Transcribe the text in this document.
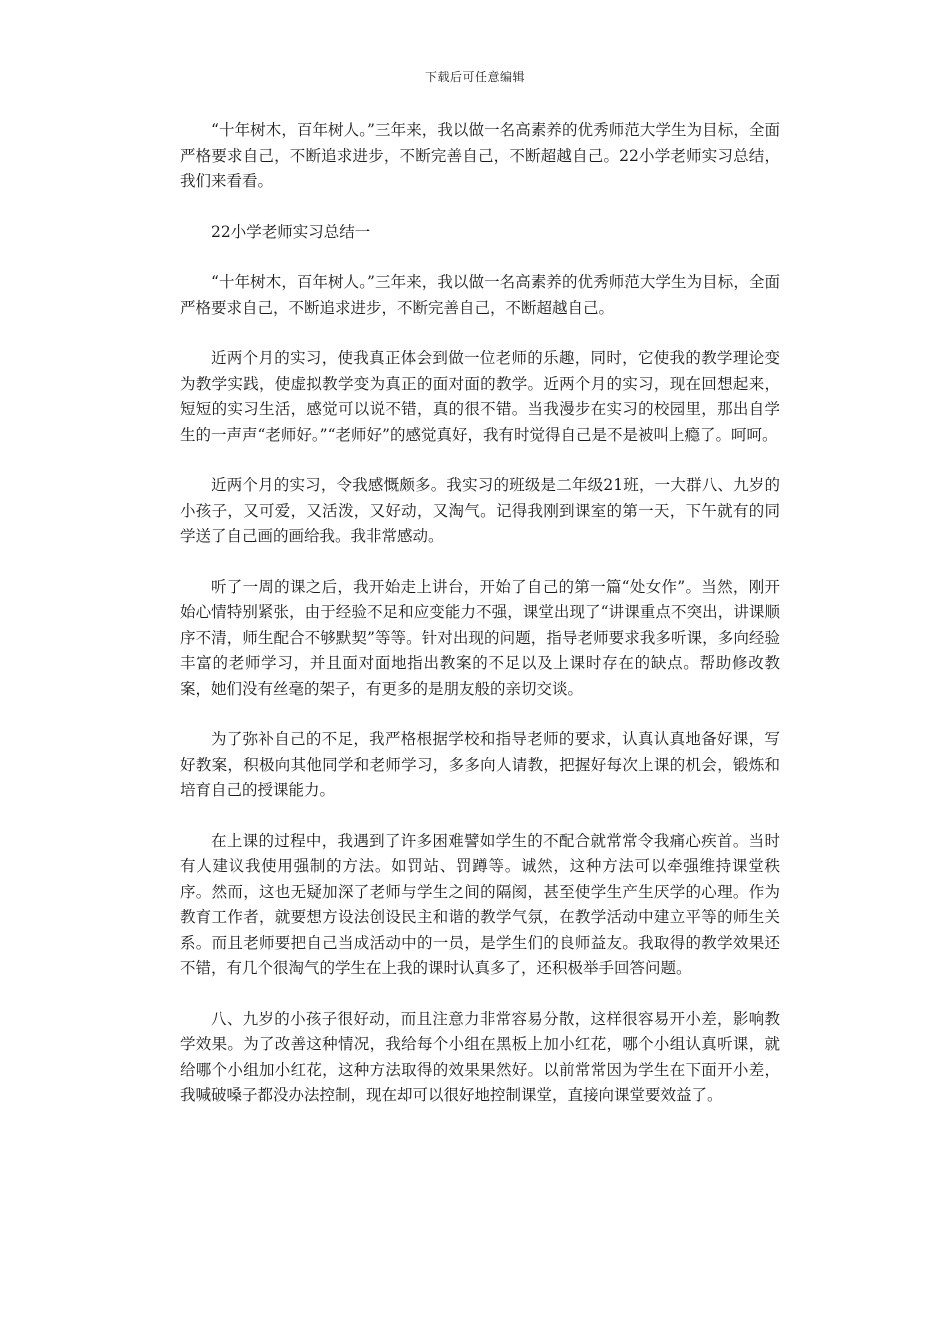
下载后可任意编辑

“十年树木，百年树人。”三年来，我以做一名高素养的优秀师范大学生为目标，全面严格要求自己，不断追求进步，不断完善自己，不断超越自己。22小学老师实习总结，我们来看看。

22小学老师实习总结一

“十年树木，百年树人。”三年来，我以做一名高素养的优秀师范大学生为目标，全面严格要求自己，不断追求进步，不断完善自己，不断超越自己。

近两个月的实习，使我真正体会到做一位老师的乐趣，同时，它使我的教学理论变为教学实践，使虚拟教学变为真正的面对面的教学。近两个月的实习，现在回想起来，短短的实习生活，感觉可以说不错，真的很不错。当我漫步在实习的校园里，那出自学生的一声声“老师好。”“老师好”的感觉真好，我有时觉得自己是不是被叫上瘾了。呵呵。

近两个月的实习，令我感慨颇多。我实习的班级是二年级21班，一大群八、九岁的小孩子，又可爱，又活泼，又好动，又淘气。记得我刚到课室的第一天，下午就有的同学送了自己画的画给我。我非常感动。

听了一周的课之后，我开始走上讲台，开始了自己的第一篇“处女作”。当然，刚开始心情特别紧张，由于经验不足和应变能力不强，课堂出现了“讲课重点不突出，讲课顺序不清，师生配合不够默契”等等。针对出现的问题，指导老师要求我多听课，多向经验丰富的老师学习，并且面对面地指出教案的不足以及上课时存在的缺点。帮助修改教案，她们没有丝毫的架子，有更多的是朋友般的亲切交谈。

为了弥补自己的不足，我严格根据学校和指导老师的要求，认真认真地备好课，写好教案，积极向其他同学和老师学习，多多向人请教，把握好每次上课的机会，锻炼和培育自己的授课能力。

在上课的过程中，我遇到了许多困难譬如学生的不配合就常常令我痛心疾首。当时有人建议我使用强制的方法。如罚站、罚蹲等。诚然，这种方法可以牵强维持课堂秩序。然而，这也无疑加深了老师与学生之间的隔阂，甚至使学生产生厌学的心理。作为教育工作者，就要想方设法创设民主和谐的教学气氛，在教学活动中建立平等的师生关系。而且老师要把自己当成活动中的一员，是学生们的良师益友。我取得的教学效果还不错，有几个很淘气的学生在上我的课时认真多了，还积极举手回答问题。

八、九岁的小孩子很好动，而且注意力非常容易分散，这样很容易开小差，影响教学效果。为了改善这种情况，我给每个小组在黑板上加小红花，哪个小组认真听课，就给哪个小组加小红花，这种方法取得的效果果然好。以前常常因为学生在下面开小差，我喊破嗓子都没办法控制，现在却可以很好地控制课堂，直接向课堂要效益了。
